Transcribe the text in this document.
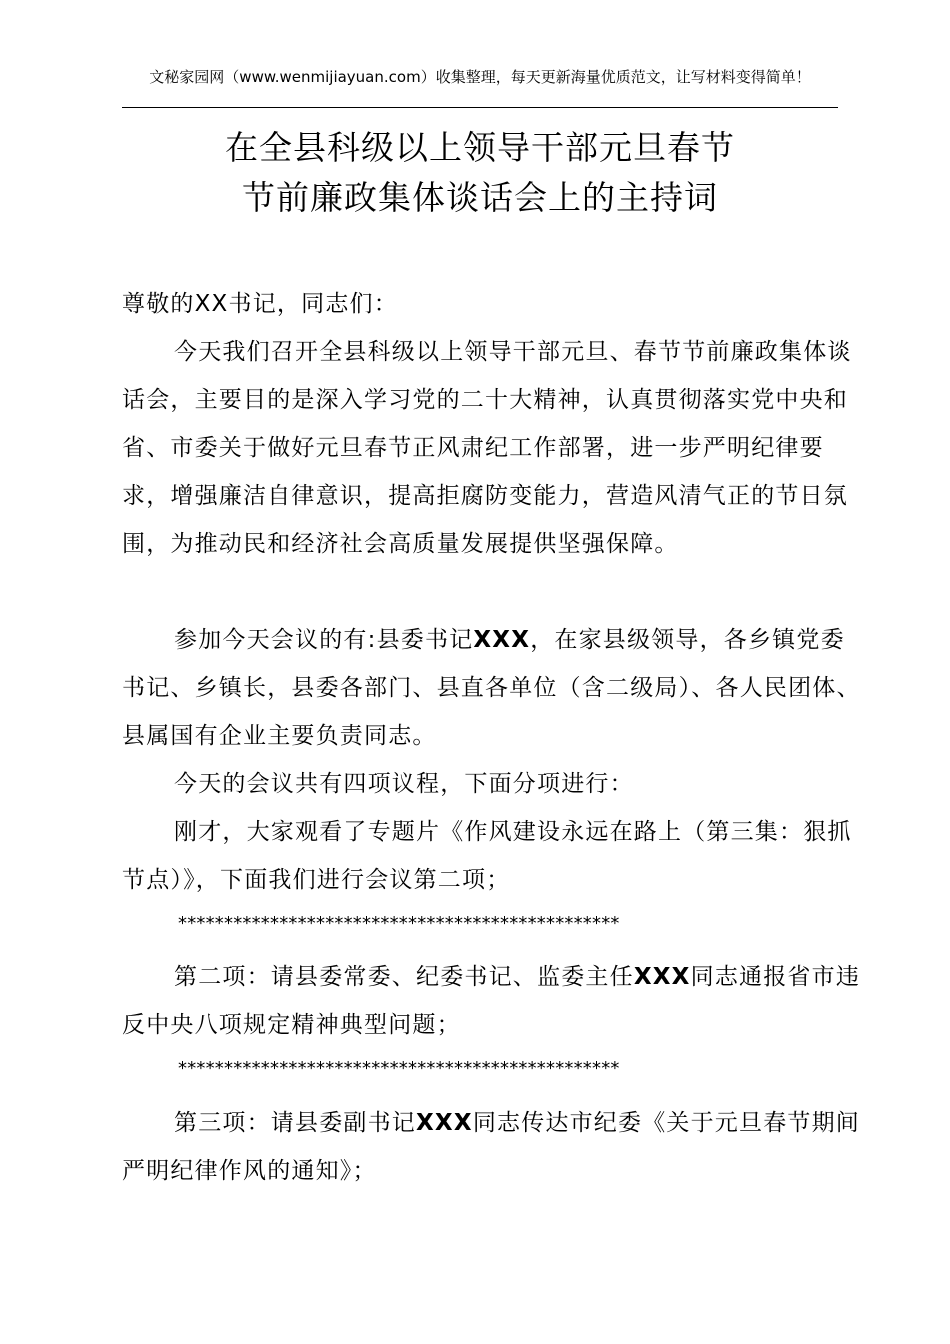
文秘家园网（www.wenmijiayuan.com）收集整理，每天更新海量优质范文，让写材料变得简单！
在全县科级以上领导干部元旦春节
节前廉政集体谈话会上的主持词

尊敬的XX书记，同志们：

今天我们召开全县科级以上领导干部元旦、春节节前廉政集体谈话会，主要目的是深入学习党的二十大精神，认真贯彻落实党中央和省、市委关于做好元旦春节正风肃纪工作部署，进一步严明纪律要求，增强廉洁自律意识，提高拒腐防变能力，营造风清气正的节日氛围，为推动民和经济社会高质量发展提供坚强保障。

参加今天会议的有:县委书记XXX，在家县级领导，各乡镇党委书记、乡镇长，县委各部门、县直各单位（含二级局）、各人民团体、县属国有企业主要负责同志。

今天的会议共有四项议程，下面分项进行：

刚才，大家观看了专题片《作风建设永远在路上（第三集：狠抓节点）》，下面我们进行会议第二项；

************************************************

第二项：请县委常委、纪委书记、监委主任XXX同志通报省市违反中央八项规定精神典型问题；

************************************************

第三项：请县委副书记XXX同志传达市纪委《关于元旦春节期间严明纪律作风的通知》；
